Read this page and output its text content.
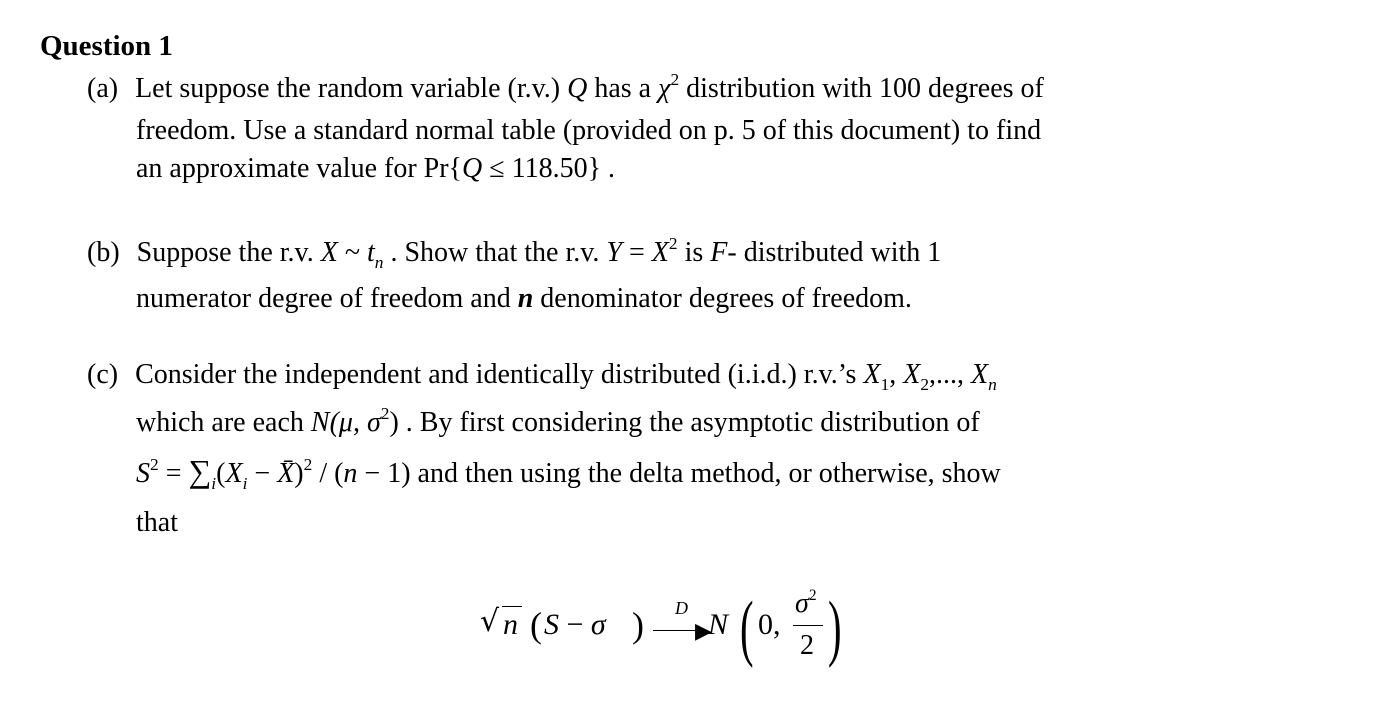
Question 1
(a) Let suppose the random variable (r.v.) Q has a $\chi^2$ distribution with 100 degrees of
freedom. Use a standard normal table (provided on p. 5 of this document) to find
an approximate value for Pr{Q ≤ 118.50} .
(b) Suppose the r.v. X ~ $t_n$ . Show that the r.v. $Y = X^2$ is F- distributed with 1
numerator degree of freedom and n denominator degrees of freedom.
(c) Consider the independent and identically distributed (i.i.d.) r.v.’s $X_1$, $X_2$,..., $X_n$
which are each N(μ, $\sigma^2$) . By first considering the asymptotic distribution of
$S^2 = \sum_i(X_i$ − X̄)$^2$ / (n − 1) and then using the delta method, or otherwise, show
that
√ n ( S − σ ) D
▶
N ( 0,
$\sigma^2$
2 )
